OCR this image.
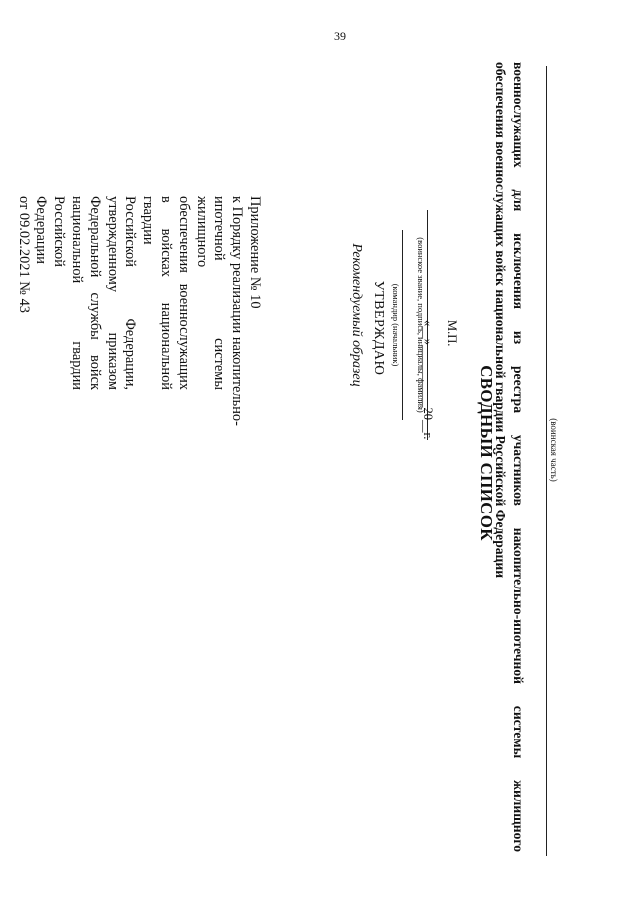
39
Приложение № 10
к Порядку реализации накопительно-
ипотечной системы жилищного
обеспечения военнослужащих
в войсках национальной гвардии
Российской Федерации,
утвержденному приказом
Федеральной службы войск
национальной гвардии Российской
Федерации
от 09.02.2021 № 43	Рекомендуемый образец УТВЕРЖДАЮ (командир (начальник) (воинское звание, подпись, инициалы, фамилия)
«__»__________20__г. М.П.
СВОДНЫЙ СПИСОК военнослужащих для исключения из реестра участников накопительно-ипотечной системы жилищного
обеспечения военнослужащих войск национальной гвардии Российской Федерации	(воинская часть)
